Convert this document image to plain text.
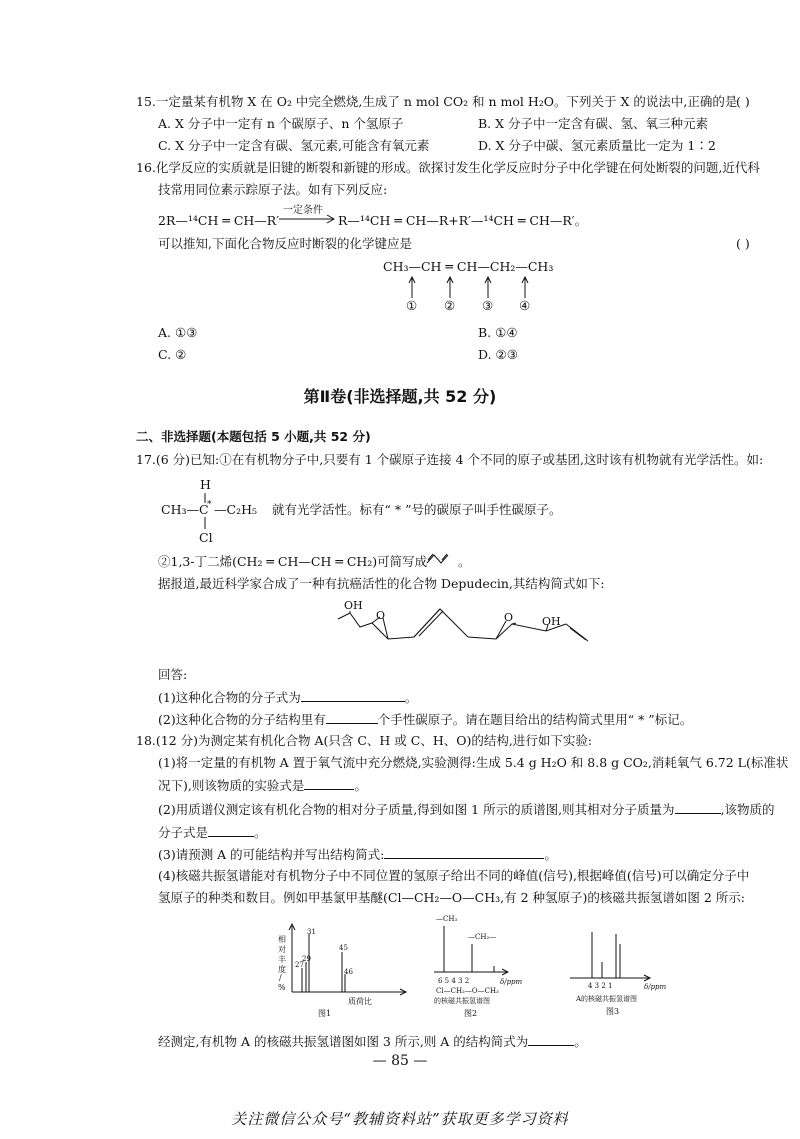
15.一定量某有机物 X 在 O₂ 中完全燃烧,生成了 n mol CO₂ 和 n mol H₂O。下列关于 X 的说法中,正确的是
( )
A. X 分子中一定有 n 个碳原子、n 个氢原子	B. X 分子中一定含有碳、氢、氧三种元素
C. X 分子中一定含有碳、氢元素,可能含有氧元素	D. X 分子中碳、氢元素质量比一定为 1∶2
16.化学反应的实质就是旧键的断裂和新键的形成。欲探讨发生化学反应时分子中化学键在何处断裂的问题,近代科
技常用同位素示踪原子法。如有下列反应:
2R—¹⁴CH ═ CH—R′
一定条件
R—¹⁴CH ═ CH—R+R′—¹⁴CH ═ CH—R′。
可以推知,下面化合物反应时断裂的化学键应是	( )
CH₃—CH ═ CH—CH₂—CH₃
① ② ③ ④
A. ①③	B. ①④
C. ②	D. ②③
第Ⅱ卷(非选择题,共 52 分)
二、非选择题(本题包括 5 小题,共 52 分)
17.(6 分)已知:①在有机物分子中,只要有 1 个碳原子连接 4 个不同的原子或基团,这时该有机物就有光学活性。如:
H
CH₃—C
* —C₂H₅ 就有光学活性。标有“ * ”号的碳原子叫手性碳原子。
Cl
②1,3-丁二烯(CH₂ ═ CH—CH ═ CH₂)可简写成 。
据报道,最近科学家合成了一种有抗癌活性的化合物 Depudecin,其结构简式如下:
OH
O	O	OH
回答:
(1)这种化合物的分子式为	。
(2)这种化合物的分子结构里有	个手性碳原子。请在题目给出的结构简式里用“ * ”标记。
18.(12 分)为测定某有机化合物 A(只含 C、H 或 C、H、O)的结构,进行如下实验:
(1)将一定量的有机物 A 置于氧气流中充分燃烧,实验测得:生成 5.4 g H₂O 和 8.8 g CO₂,消耗氧气 6.72 L(标准状
况下),则该物质的实验式是	。
(2)用质谱仪测定该有机化合物的相对分子质量,得到如图 1 所示的质谱图,则其相对分子质量为	,该物质的
分子式是	。
(3)请预测 A 的可能结构并写出结构简式:	。
(4)核磁共振氢谱能对有机物分子中不同位置的氢原子给出不同的峰值(信号),根据峰值(信号)可以确定分子中
氢原子的种类和数目。例如甲基氯甲基醚(Cl—CH₂—O—CH₃,有 2 种氢原子)的核磁共振氢谱如图 2 所示:
相
对
丰
度
/
%
27
29
31
45
46
质荷比
图1
—CH₃
—CH₂—
6 5 4 3 2	δ/ppm
Cl—CH₂—O—CH₃
的核磁共振氢谱图
图2
4 3 2 1	δ/ppm
A的核磁共振氢谱图
图3
经测定,有机物 A 的核磁共振氢谱图如图 3 所示,则 A 的结构简式为	。
— 85 —
关注微信公众号“教辅资料站”获取更多学习资料
